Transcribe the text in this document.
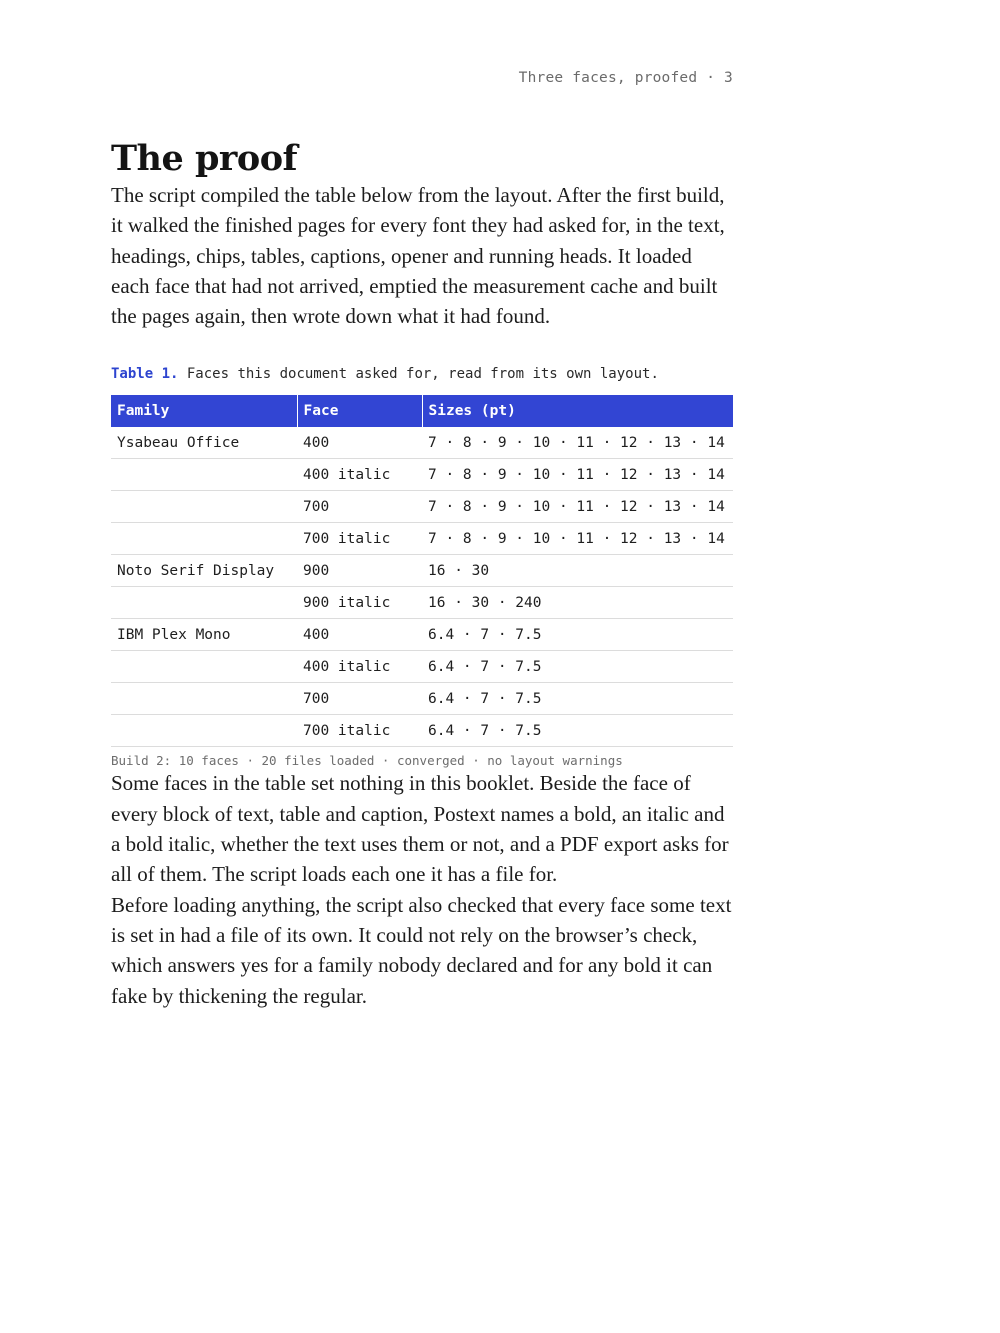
Three faces, proofed · 3
The proof

The script compiled the table below from the layout. After the first build, it walked the finished pages for every font they had asked for, in the text, headings, chips, tables, captions, opener and running heads. It loaded each face that had not arrived, emptied the measurement cache and built the pages again, then wrote down what it had found.

Table 1. Faces this document asked for, read from its own layout.
Family	Face	Sizes (pt)
Ysabeau Office	400	7 · 8 · 9 · 10 · 11 · 12 · 13 · 14
	400 italic	7 · 8 · 9 · 10 · 11 · 12 · 13 · 14
	700	7 · 8 · 9 · 10 · 11 · 12 · 13 · 14
	700 italic	7 · 8 · 9 · 10 · 11 · 12 · 13 · 14
Noto Serif Display	900	16 · 30
	900 italic	16 · 30 · 240
IBM Plex Mono	400	6.4 · 7 · 7.5
	400 italic	6.4 · 7 · 7.5
	700	6.4 · 7 · 7.5
	700 italic	6.4 · 7 · 7.5
Build 2: 10 faces · 20 files loaded · converged · no layout warnings

Some faces in the table set nothing in this booklet. Beside the face of every block of text, table and caption, Postext names a bold, an italic and a bold italic, whether the text uses them or not, and a PDF export asks for all of them. The script loads each one it has a file for.

Before loading anything, the script also checked that every face some text is set in had a file of its own. It could not rely on the browser’s check, which answers yes for a family nobody declared and for any bold it can fake by thickening the regular.
